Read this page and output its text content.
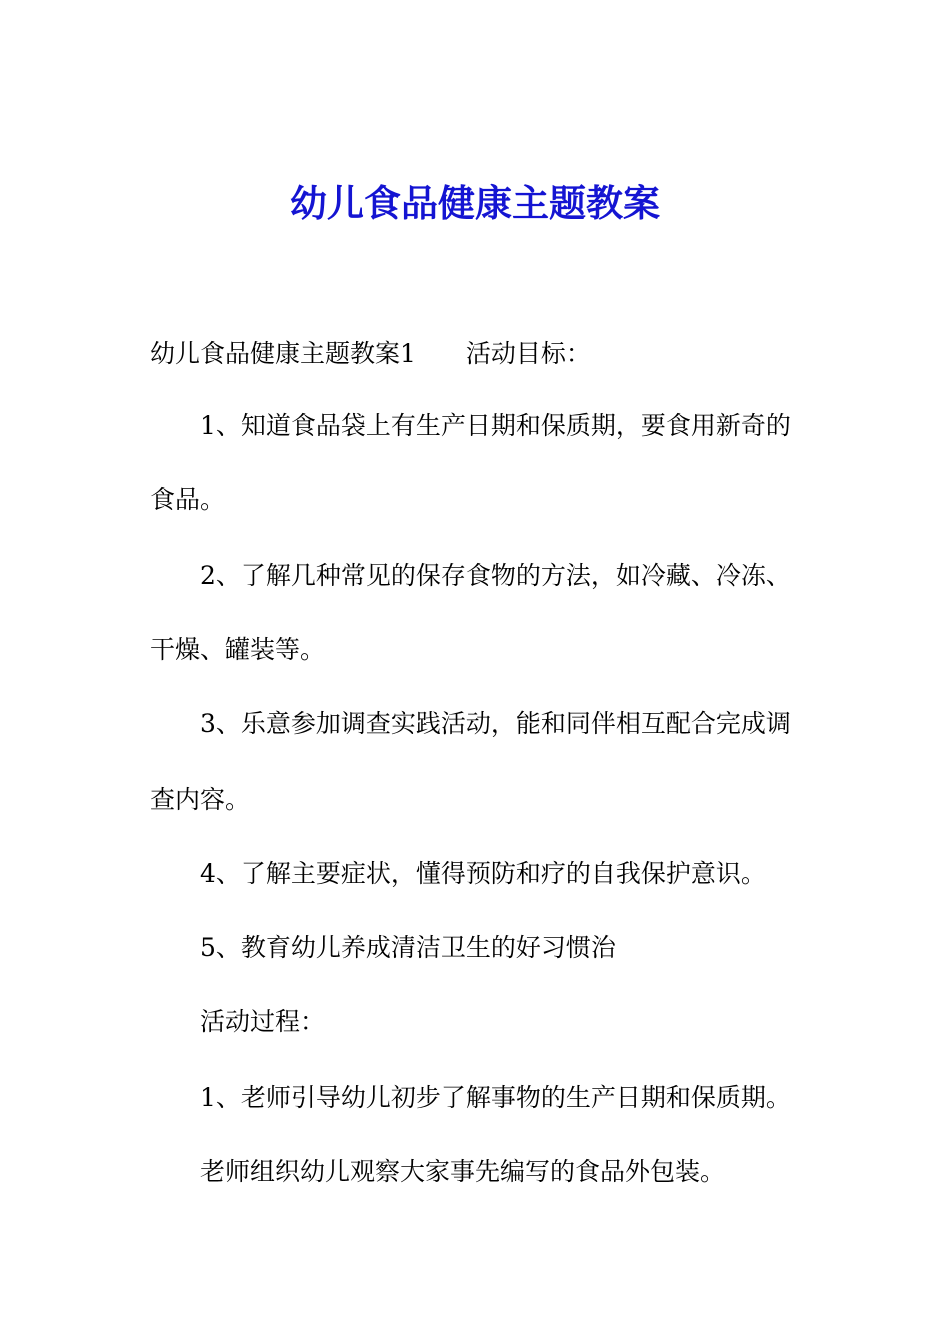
幼儿食品健康主题教案

幼儿食品健康主题教案1 活动目标：

1、知道食品袋上有生产日期和保质期，要食用新奇的

食品。

2、了解几种常见的保存食物的方法，如冷藏、冷冻、

干燥、罐装等。

3、乐意参加调查实践活动，能和同伴相互配合完成调

查内容。

4、了解主要症状，懂得预防和疗的自我保护意识。

5、教育幼儿养成清洁卫生的好习惯治

活动过程：

1、老师引导幼儿初步了解事物的生产日期和保质期。

老师组织幼儿观察大家事先编写的食品外包装。
